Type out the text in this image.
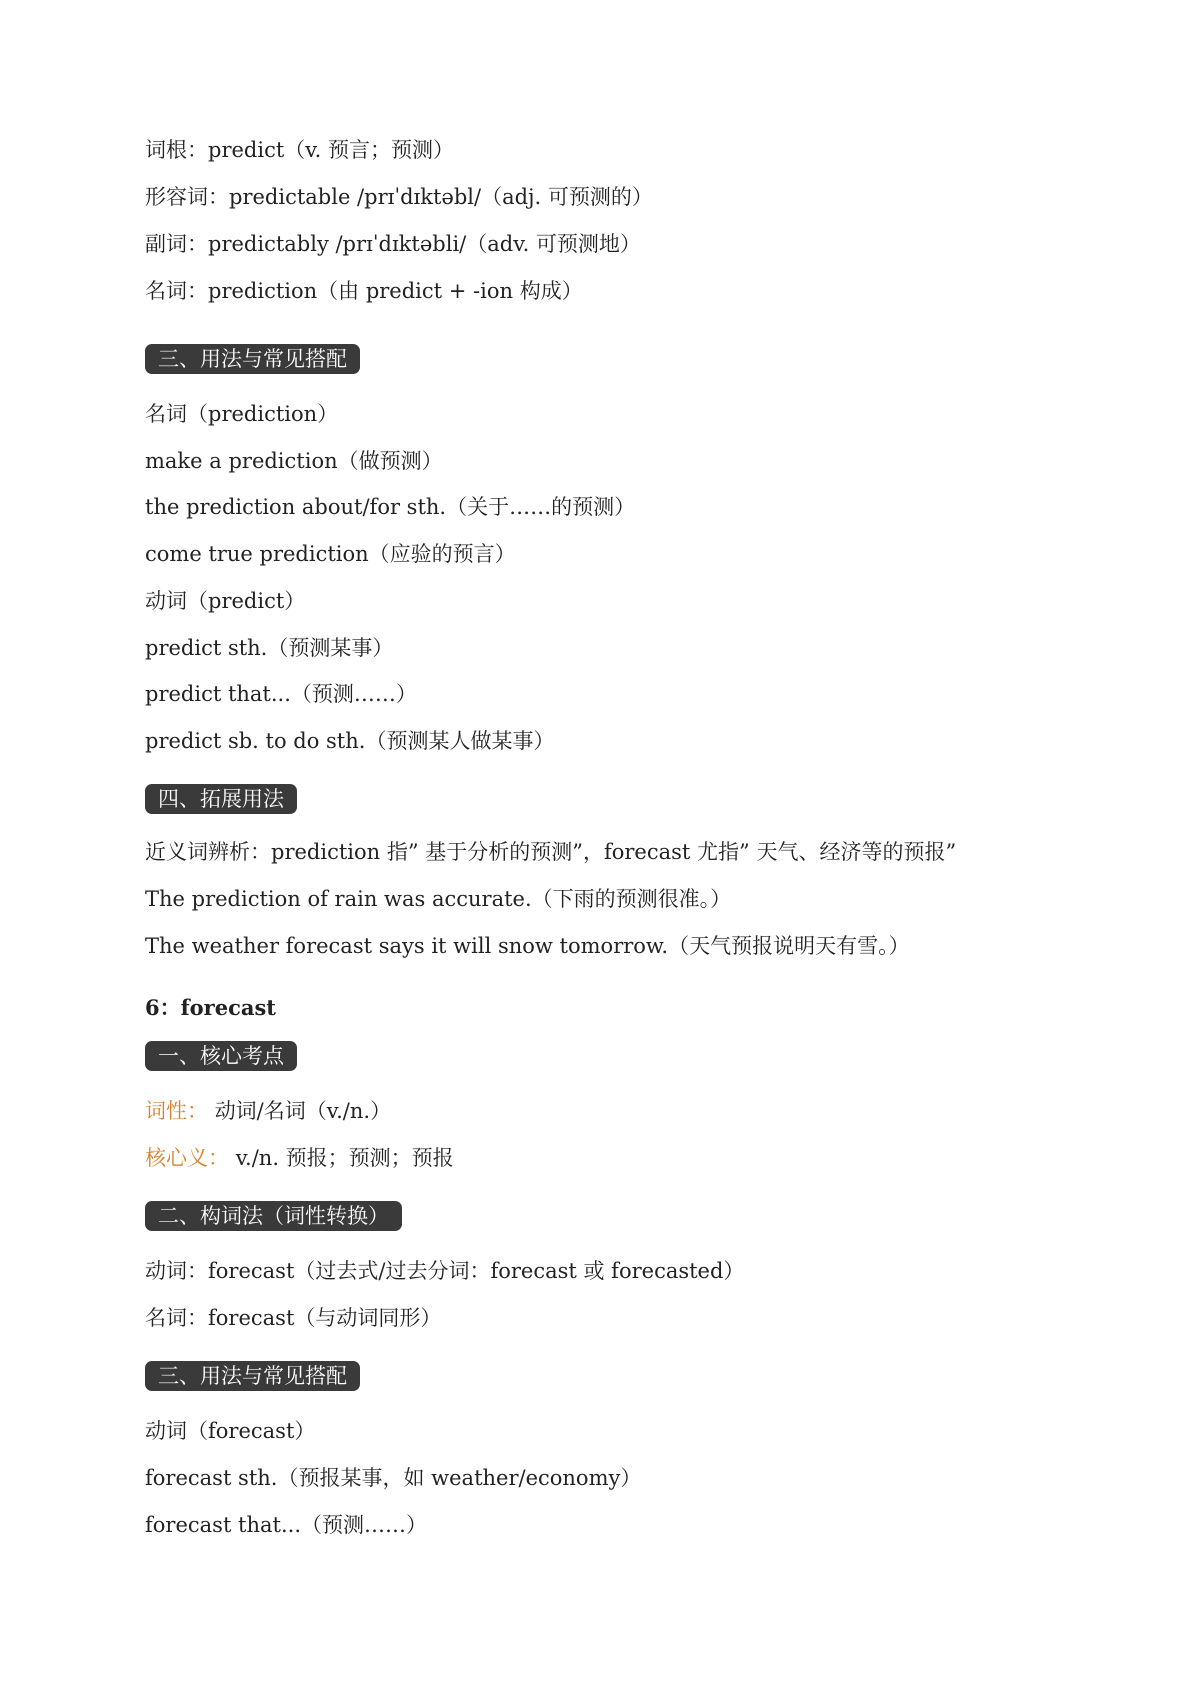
词根：predict（v. 预言；预测）
形容词：predictable /prɪˈdɪktəbl/（adj. 可预测的）
副词：predictably /prɪˈdɪktəbli/（adv. 可预测地）
名词：prediction（由 predict + -ion 构成）
三、用法与常见搭配
名词（prediction）
make a prediction（做预测）
the prediction about/for sth.（关于……的预测）
come true prediction（应验的预言）
动词（predict）
predict sth.（预测某事）
predict that...（预测……）
predict sb. to do sth.（预测某人做某事）
四、拓展用法
近义词辨析：prediction 指” 基于分析的预测”，forecast 尤指” 天气、经济等的预报”
The prediction of rain was accurate.（下雨的预测很准。）
The weather forecast says it will snow tomorrow.（天气预报说明天有雪。）
6：forecast
一、核心考点
词性： 动词/名词（v./n.）
核心义： v./n. 预报；预测；预报
二、构词法（词性转换）
动词：forecast（过去式/过去分词：forecast 或 forecasted）
名词：forecast（与动词同形）
三、用法与常见搭配
动词（forecast）
forecast sth.（预报某事，如 weather/economy）
forecast that...（预测……）
